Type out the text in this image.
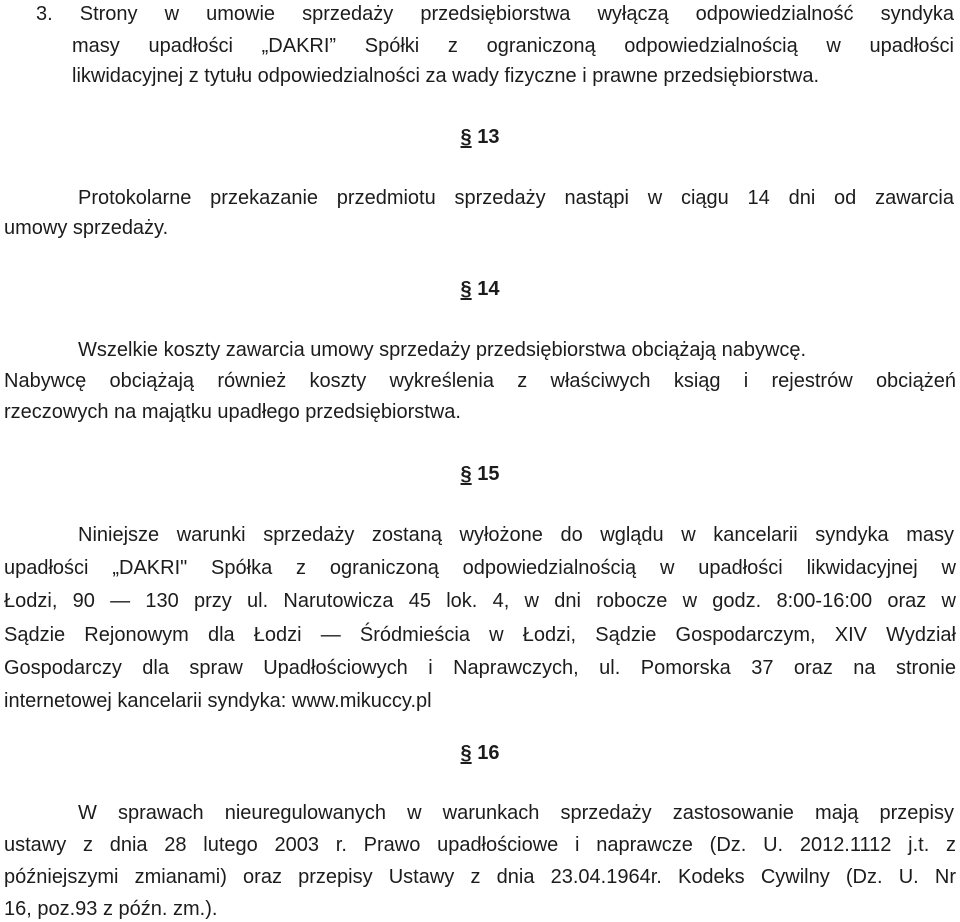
3. Strony w umowie sprzedaży przedsiębiorstwa wyłączą odpowiedzialność syndyka
masy upadłości „DAKRI” Spółki z ograniczoną odpowiedzialnością w upadłości
likwidacyjnej z tytułu odpowiedzialności za wady fizyczne i prawne przedsiębiorstwa.
§ 13
Protokolarne przekazanie przedmiotu sprzedaży nastąpi w ciągu 14 dni od zawarcia
umowy sprzedaży.
§ 14
Wszelkie koszty zawarcia umowy sprzedaży przedsiębiorstwa obciążają nabywcę.
Nabywcę obciążają również koszty wykreślenia z właściwych ksiąg i rejestrów obciążeń
rzeczowych na majątku upadłego przedsiębiorstwa.
§ 15
Niniejsze warunki sprzedaży zostaną wyłożone do wglądu w kancelarii syndyka masy
upadłości „DAKRI" Spółka z ograniczoną odpowiedzialnością w upadłości likwidacyjnej w
Łodzi, 90 — 130 przy ul. Narutowicza 45 lok. 4, w dni robocze w godz. 8:00-16:00 oraz w
Sądzie Rejonowym dla Łodzi — Śródmieścia w Łodzi, Sądzie Gospodarczym, XIV Wydział
Gospodarczy dla spraw Upadłościowych i Naprawczych, ul. Pomorska 37 oraz na stronie
internetowej kancelarii syndyka: www.mikuccy.pl
§ 16
W sprawach nieuregulowanych w warunkach sprzedaży zastosowanie mają przepisy
ustawy z dnia 28 lutego 2003 r. Prawo upadłościowe i naprawcze (Dz. U. 2012.1112 j.t. z
późniejszymi zmianami) oraz przepisy Ustawy z dnia 23.04.1964r. Kodeks Cywilny (Dz. U. Nr
16, poz.93 z późn. zm.).
